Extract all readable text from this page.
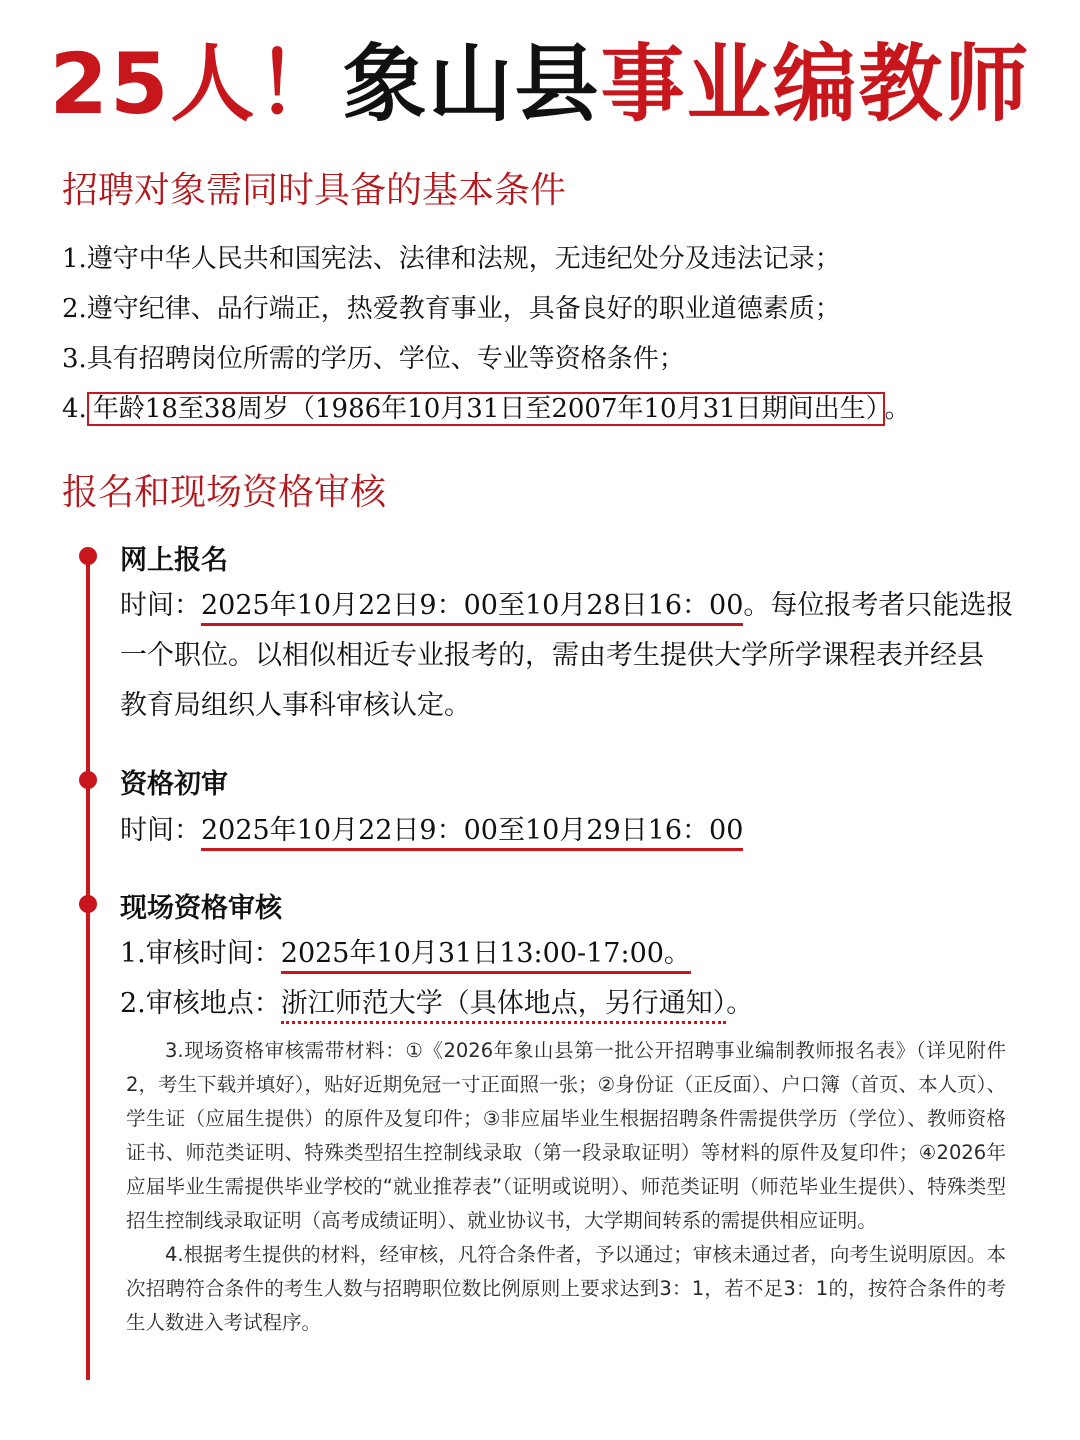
25人！象山县事业编教师
招聘对象需同时具备的基本条件
1.遵守中华人民共和国宪法、法律和法规，无违纪处分及违法记录；
2.遵守纪律、品行端正，热爱教育事业，具备良好的职业道德素质；
3.具有招聘岗位所需的学历、学位、专业等资格条件；
4. 年龄18至38周岁（1986年10月31日至2007年10月31日期间出生） 。
报名和现场资格审核
网上报名
时间：2025年10月22日9：00至10月28日16：00。每位报考者只能选报
一个职位。以相似相近专业报考的，需由考生提供大学所学课程表并经县
教育局组织人事科审核认定。
资格初审
时间：2025年10月22日9：00至10月29日16：00
现场资格审核
1.审核时间：2025年10月31日13:00-17:00。
2.审核地点：浙江师范大学（具体地点，另行通知）。

3.现场资格审核需带材料：①《2026年象山县第一批公开招聘事业编制教师报名表》（详见附件2，考生下载并填好），贴好近期免冠一寸正面照一张；②身份证（正反面）、户口簿（首页、本人页）、学生证（应届生提供）的原件及复印件；③非应届毕业生根据招聘条件需提供学历（学位）、教师资格证书、师范类证明、特殊类型招生控制线录取（第一段录取证明）等材料的原件及复印件；④2026年应届毕业生需提供毕业学校的“就业推荐表”（证明或说明）、师范类证明（师范毕业生提供）、特殊类型招生控制线录取证明（高考成绩证明）、就业协议书，大学期间转系的需提供相应证明。

4.根据考生提供的材料，经审核，凡符合条件者，予以通过；审核未通过者，向考生说明原因。本次招聘符合条件的考生人数与招聘职位数比例原则上要求达到3：1，若不足3：1的，按符合条件的考生人数进入考试程序。
